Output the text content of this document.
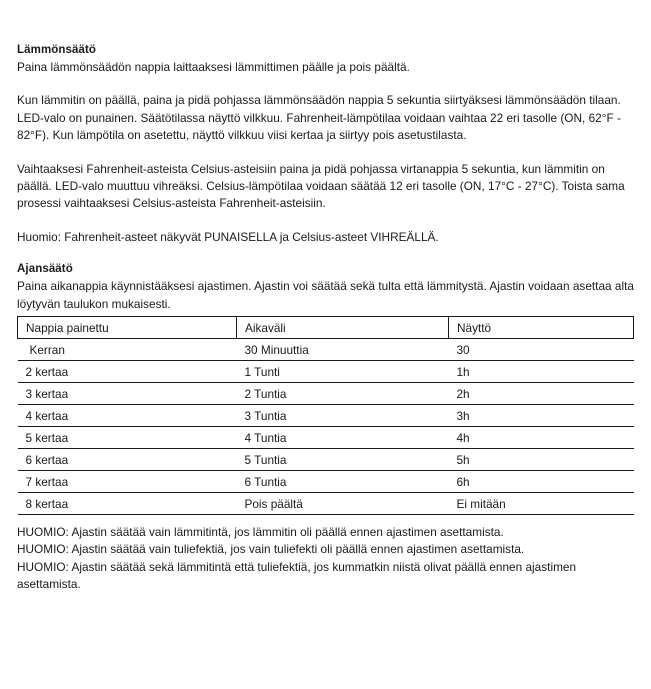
Lämmönsäätö

Paina lämmönsäädön nappia laittaaksesi lämmittimen päälle ja pois päältä.

Kun lämmitin on päällä, paina ja pidä pohjassa lämmönsäädön nappia 5 sekuntia siirtyäksesi lämmönsäädön tilaan. LED-valo on punainen. Säätötilassa näyttö vilkkuu. Fahrenheit-lämpötilaa voidaan vaihtaa 22 eri tasolle (ON, 62°F - 82°F). Kun lämpötila on asetettu, näyttö vilkkuu viisi kertaa ja siirtyy pois asetustilasta.

Vaihtaaksesi Fahrenheit-asteista Celsius-asteisiin paina ja pidä pohjassa virtanappia 5 sekuntia, kun lämmitin on päällä. LED-valo muuttuu vihreäksi. Celsius-lämpötilaa voidaan säätää 12 eri tasolle (ON, 17°C - 27°C). Toista sama prosessi vaihtaaksesi Celsius-asteista Fahrenheit-asteisiin.

Huomio: Fahrenheit-asteet näkyvät PUNAISELLA ja Celsius-asteet VIHREÄLLÄ.

Ajansäätö

Paina aikanappia käynnistääksesi ajastimen. Ajastin voi säätää sekä tulta että lämmitystä. Ajastin voidaan asettaa alta löytyvän taulukon mukaisesti.

Nappia painettu	Aikaväli	Näyttö
Kerran	30 Minuuttia	30
2 kertaa	1 Tunti	1h
3 kertaa	2 Tuntia	2h
4 kertaa	3 Tuntia	3h
5 kertaa	4 Tuntia	4h
6 kertaa	5 Tuntia	5h
7 kertaa	6 Tuntia	6h
8 kertaa	Pois päältä	Ei mitään

HUOMIO: Ajastin säätää vain lämmitintä, jos lämmitin oli päällä ennen ajastimen asettamista.

HUOMIO: Ajastin säätää vain tuliefektiä, jos vain tuliefekti oli päällä ennen ajastimen asettamista.

HUOMIO: Ajastin säätää sekä lämmitintä että tuliefektiä, jos kummatkin niistä olivat päällä ennen ajastimen asettamista.
